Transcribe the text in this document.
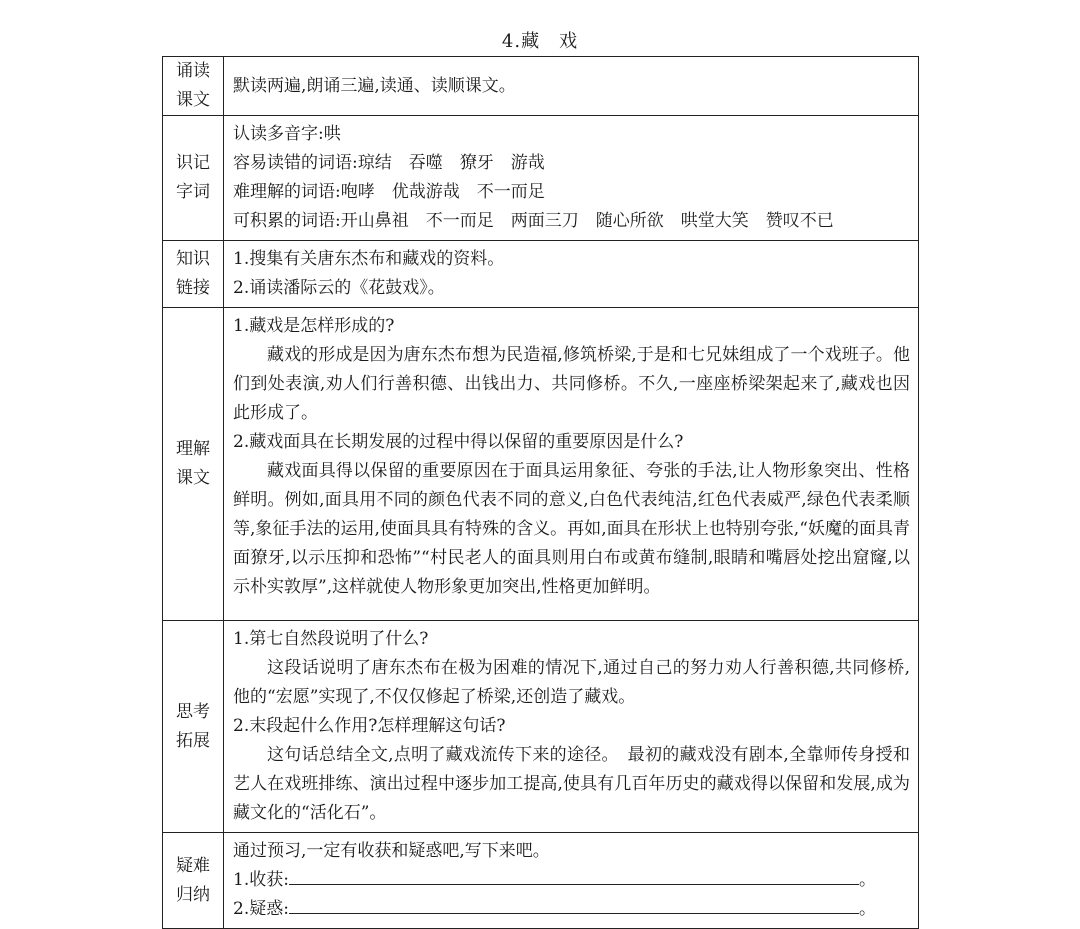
4.藏　戏
诵读
课文	默读两遍,朗诵三遍,读通、读顺课文。

识记
字词	认读多音字:哄
容易读错的词语:琼结　吞噬　獠牙　游哉
难理解的词语:咆哮　优哉游哉　不一而足
可积累的词语:开山鼻祖　不一而足　两面三刀　随心所欲　哄堂大笑　赞叹不已

知识
链接	1.搜集有关唐东杰布和藏戏的资料。
2.诵读潘际云的《花鼓戏》。

理解
课文	1.藏戏是怎样形成的?
藏戏的形成是因为唐东杰布想为民造福,修筑桥梁,于是和七兄妹组成了一个戏班子。他们到处表演,劝人们行善积德、出钱出力、共同修桥。不久,一座座桥梁架起来了,藏戏也因此形成了。
2.藏戏面具在长期发展的过程中得以保留的重要原因是什么?
藏戏面具得以保留的重要原因在于面具运用象征、夸张的手法,让人物形象突出、性格鲜明。例如,面具用不同的颜色代表不同的意义,白色代表纯洁,红色代表威严,绿色代表柔顺等,象征手法的运用,使面具具有特殊的含义。再如,面具在形状上也特别夸张,“妖魔的面具青面獠牙,以示压抑和恐怖”“村民老人的面具则用白布或黄布缝制,眼睛和嘴唇处挖出窟窿,以示朴实敦厚”,这样就使人物形象更加突出,性格更加鲜明。

思考
拓展	1.第七自然段说明了什么?
这段话说明了唐东杰布在极为困难的情况下,通过自己的努力劝人行善积德,共同修桥,他的“宏愿”实现了,不仅仅修起了桥梁,还创造了藏戏。
2.末段起什么作用?怎样理解这句话?
这句话总结全文,点明了藏戏流传下来的途径。　最初的藏戏没有剧本,全靠师传身授和艺人在戏班排练、演出过程中逐步加工提高,使具有几百年历史的藏戏得以保留和发展,成为藏文化的“活化石”。

疑难
归纳	通过预习,一定有收获和疑惑吧,写下来吧。
1.收获: 。
2.疑惑: 。
